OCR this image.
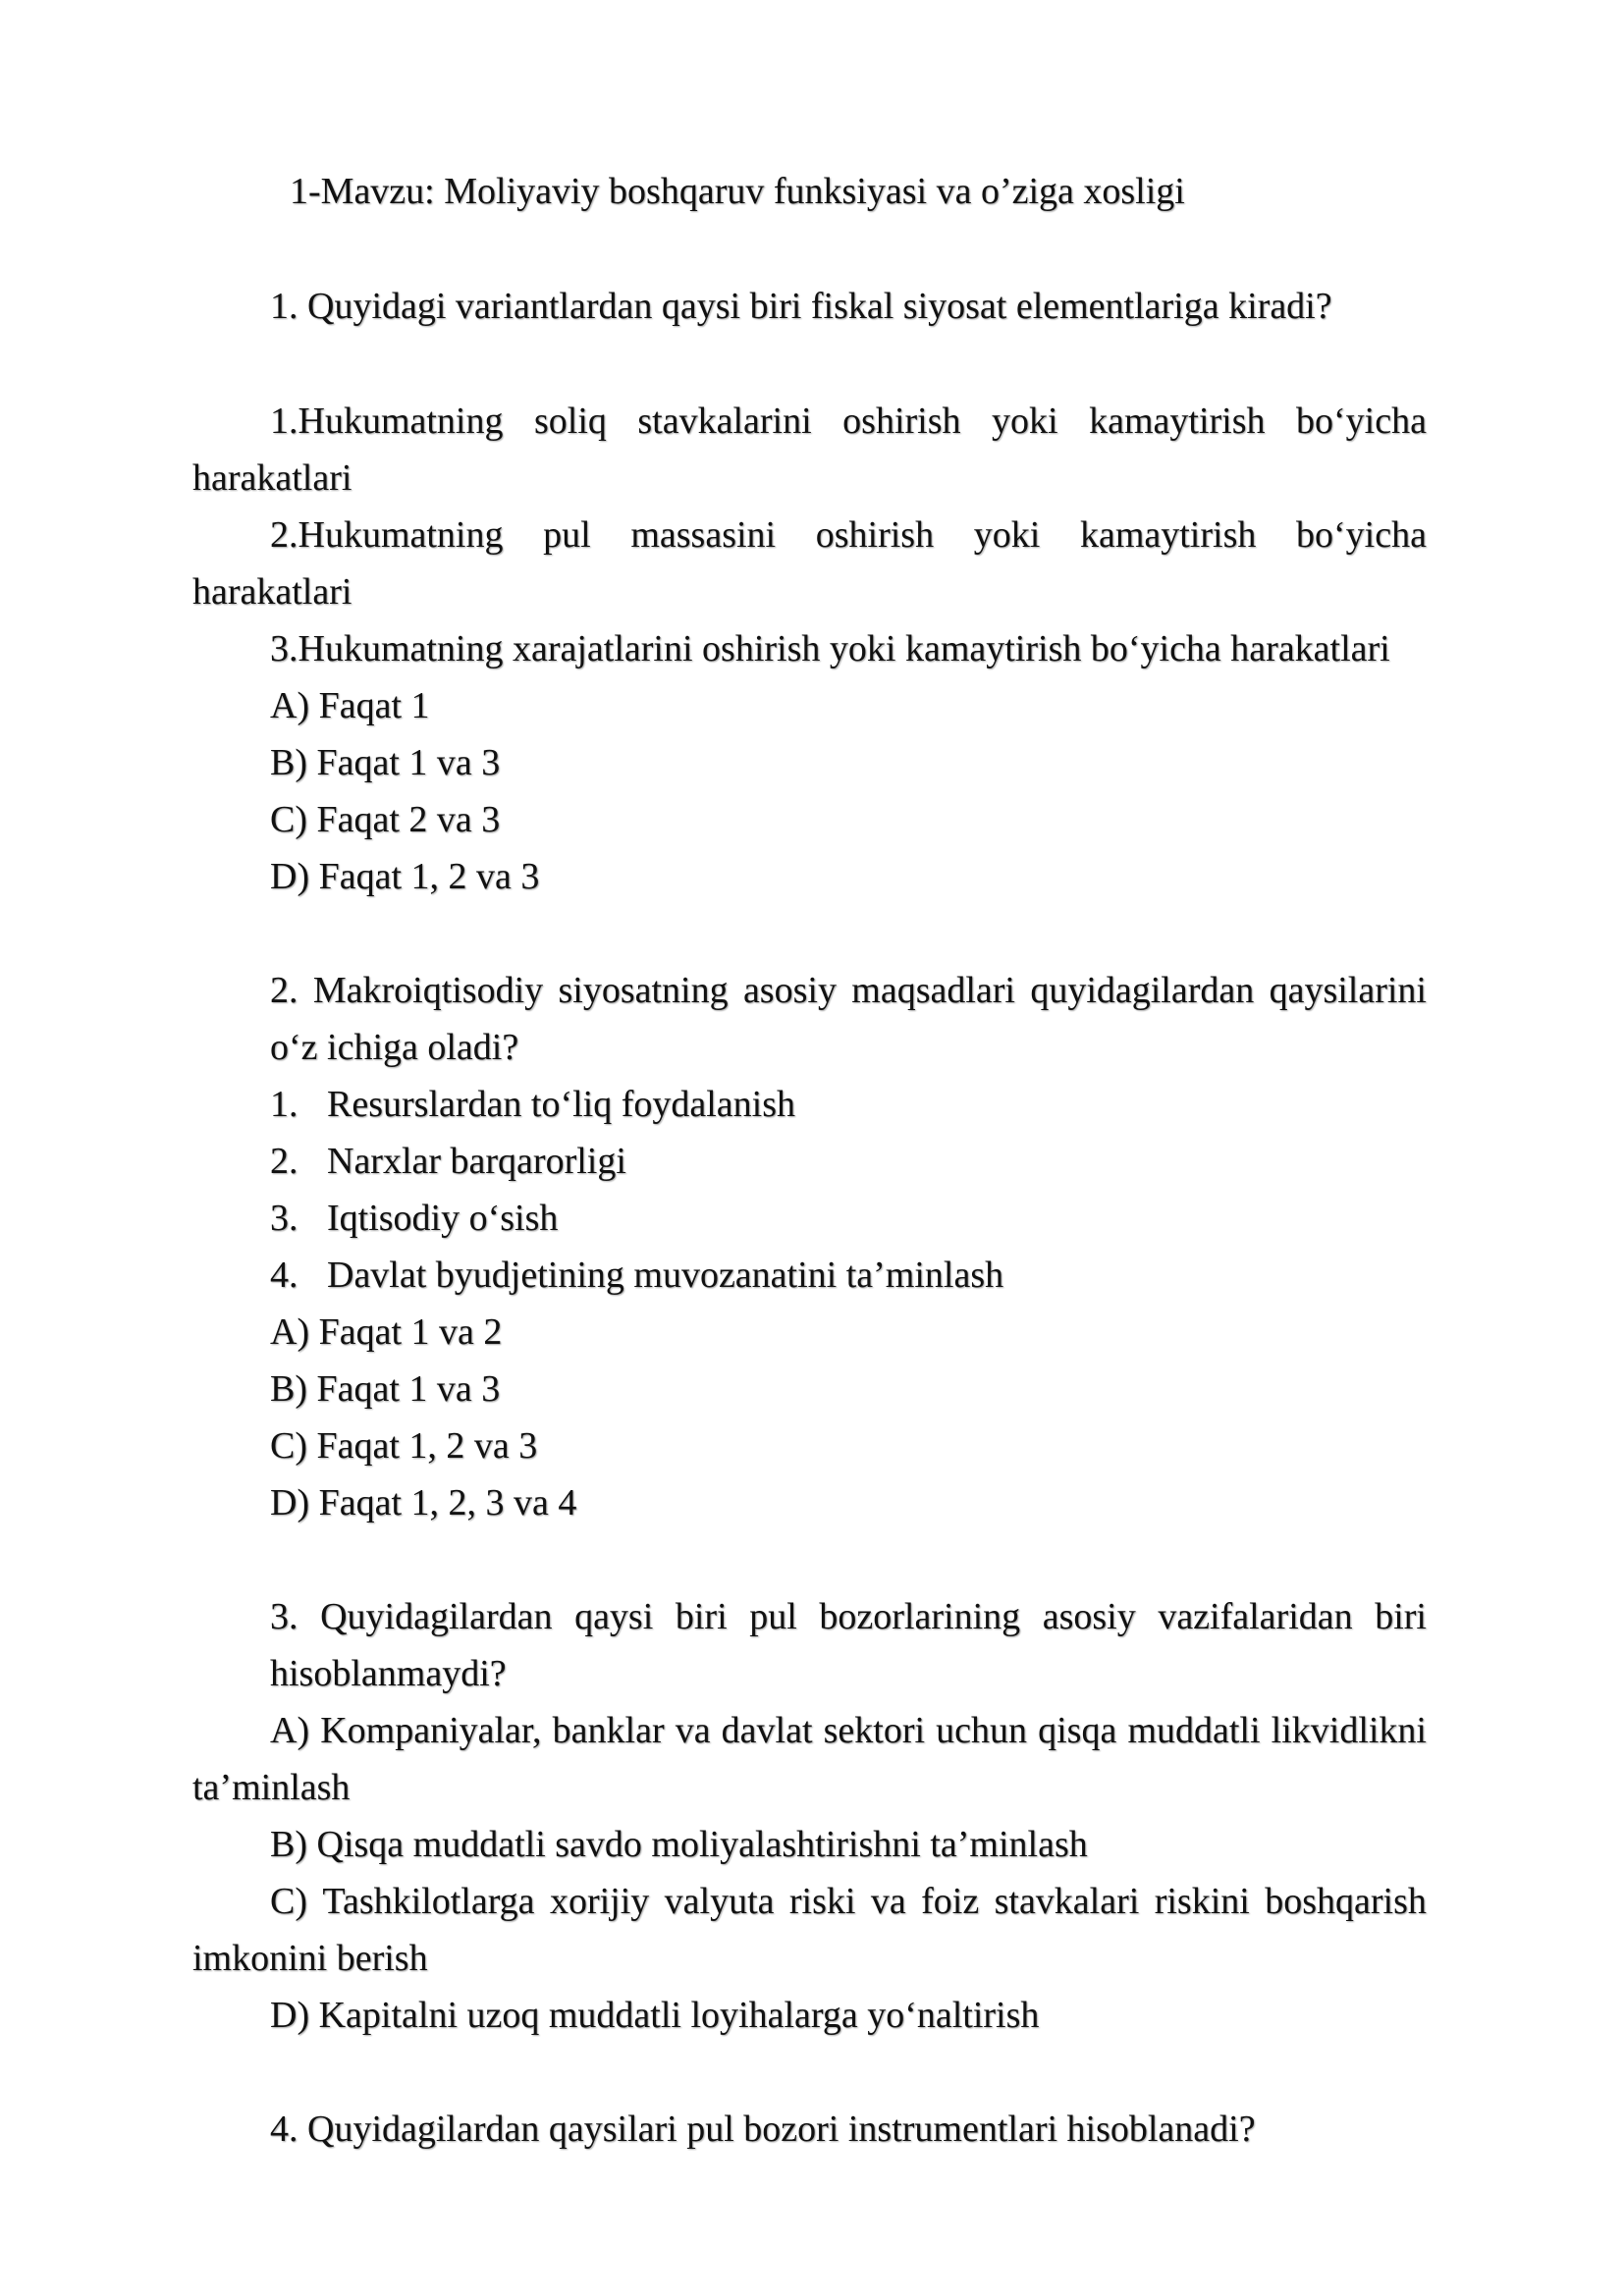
1-Mavzu: Moliyaviy boshqaruv funksiyasi va o’ziga xosligi
1. Quyidagi variantlardan qaysi biri fiskal siyosat elementlariga kiradi?
1.Hukumatning soliq stavkalarini oshirish yoki kamaytirish bo‘yicha
harakatlari
2.Hukumatning pul massasini oshirish yoki kamaytirish bo‘yicha
harakatlari
3.Hukumatning xarajatlarini oshirish yoki kamaytirish bo‘yicha harakatlari
A) Faqat 1
B) Faqat 1 va 3
C) Faqat 2 va 3
D) Faqat 1, 2 va 3
2. Makroiqtisodiy siyosatning asosiy maqsadlari quyidagilardan qaysilarini
o‘z ichiga oladi?
1. Resurslardan to‘liq foydalanish
2. Narxlar barqarorligi
3. Iqtisodiy o‘sish
4. Davlat byudjetining muvozanatini ta’minlash
A) Faqat 1 va 2
B) Faqat 1 va 3
C) Faqat 1, 2 va 3
D) Faqat 1, 2, 3 va 4
3. Quyidagilardan qaysi biri pul bozorlarining asosiy vazifalaridan biri
hisoblanmaydi?
A) Kompaniyalar, banklar va davlat sektori uchun qisqa muddatli likvidlikni
ta’minlash
B) Qisqa muddatli savdo moliyalashtirishni ta’minlash
C) Tashkilotlarga xorijiy valyuta riski va foiz stavkalari riskini boshqarish
imkonini berish
D) Kapitalni uzoq muddatli loyihalarga yo‘naltirish
4. Quyidagilardan qaysilari pul bozori instrumentlari hisoblanadi?
